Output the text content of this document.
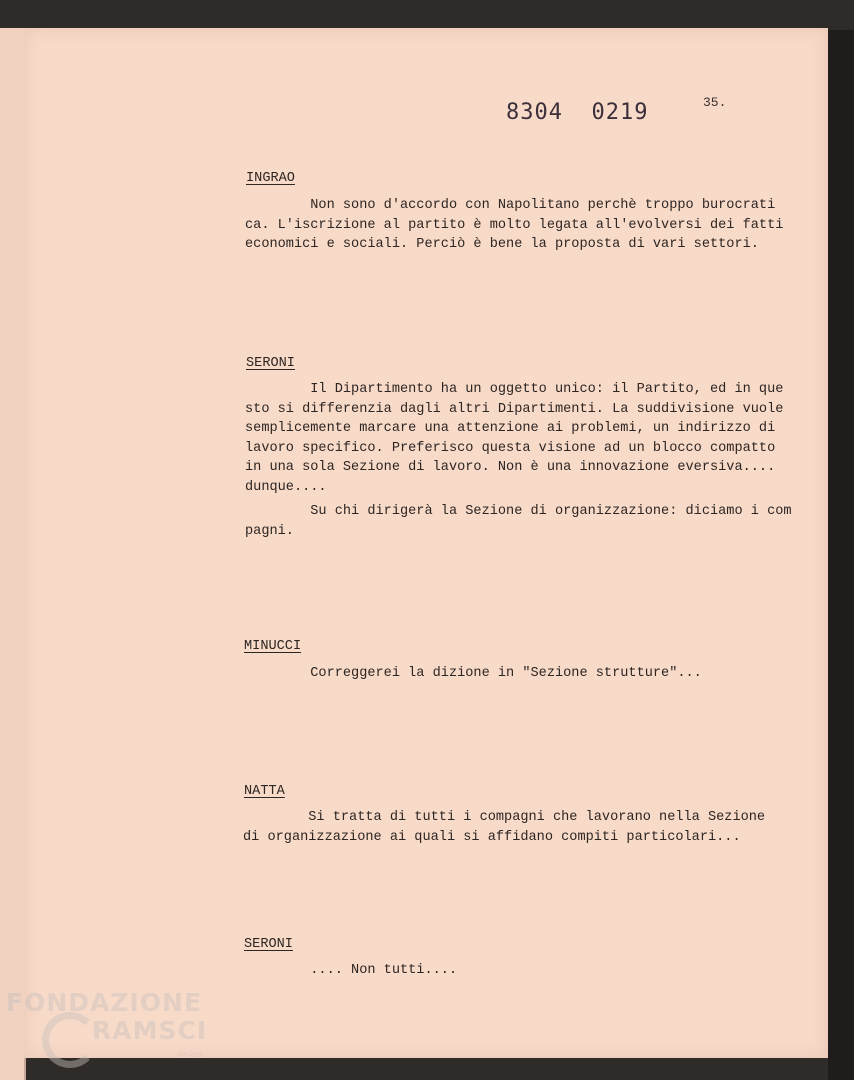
8304  0219	35.
INGRAO

Non sono d'accordo con Napolitano perchè troppo burocrati
ca. L'iscrizione al partito è molto legata all'evolversi dei fatti
economici e sociali. Perciò è bene la proposta di vari settori.

SERONI

Il Dipartimento ha un oggetto unico: il Partito, ed in que
sto si differenzia dagli altri Dipartimenti. La suddivisione vuole
semplicemente marcare una attenzione ai problemi, un indirizzo di
lavoro specifico. Preferisco questa visione ad un blocco compatto
in una sola Sezione di lavoro. Non è una innovazione eversiva....
dunque....

Su chi dirigerà la Sezione di organizzazione: diciamo i com
pagni.

MINUCCI

Correggerei la dizione in "Sezione strutture"...

NATTA

Si tratta di tutti i compagni che lavorano nella Sezione
di organizzazione ai quali si affidano compiti particolari...

SERONI

.... Non tutti....

FONDAZIONE
RAMSCI
onlus
